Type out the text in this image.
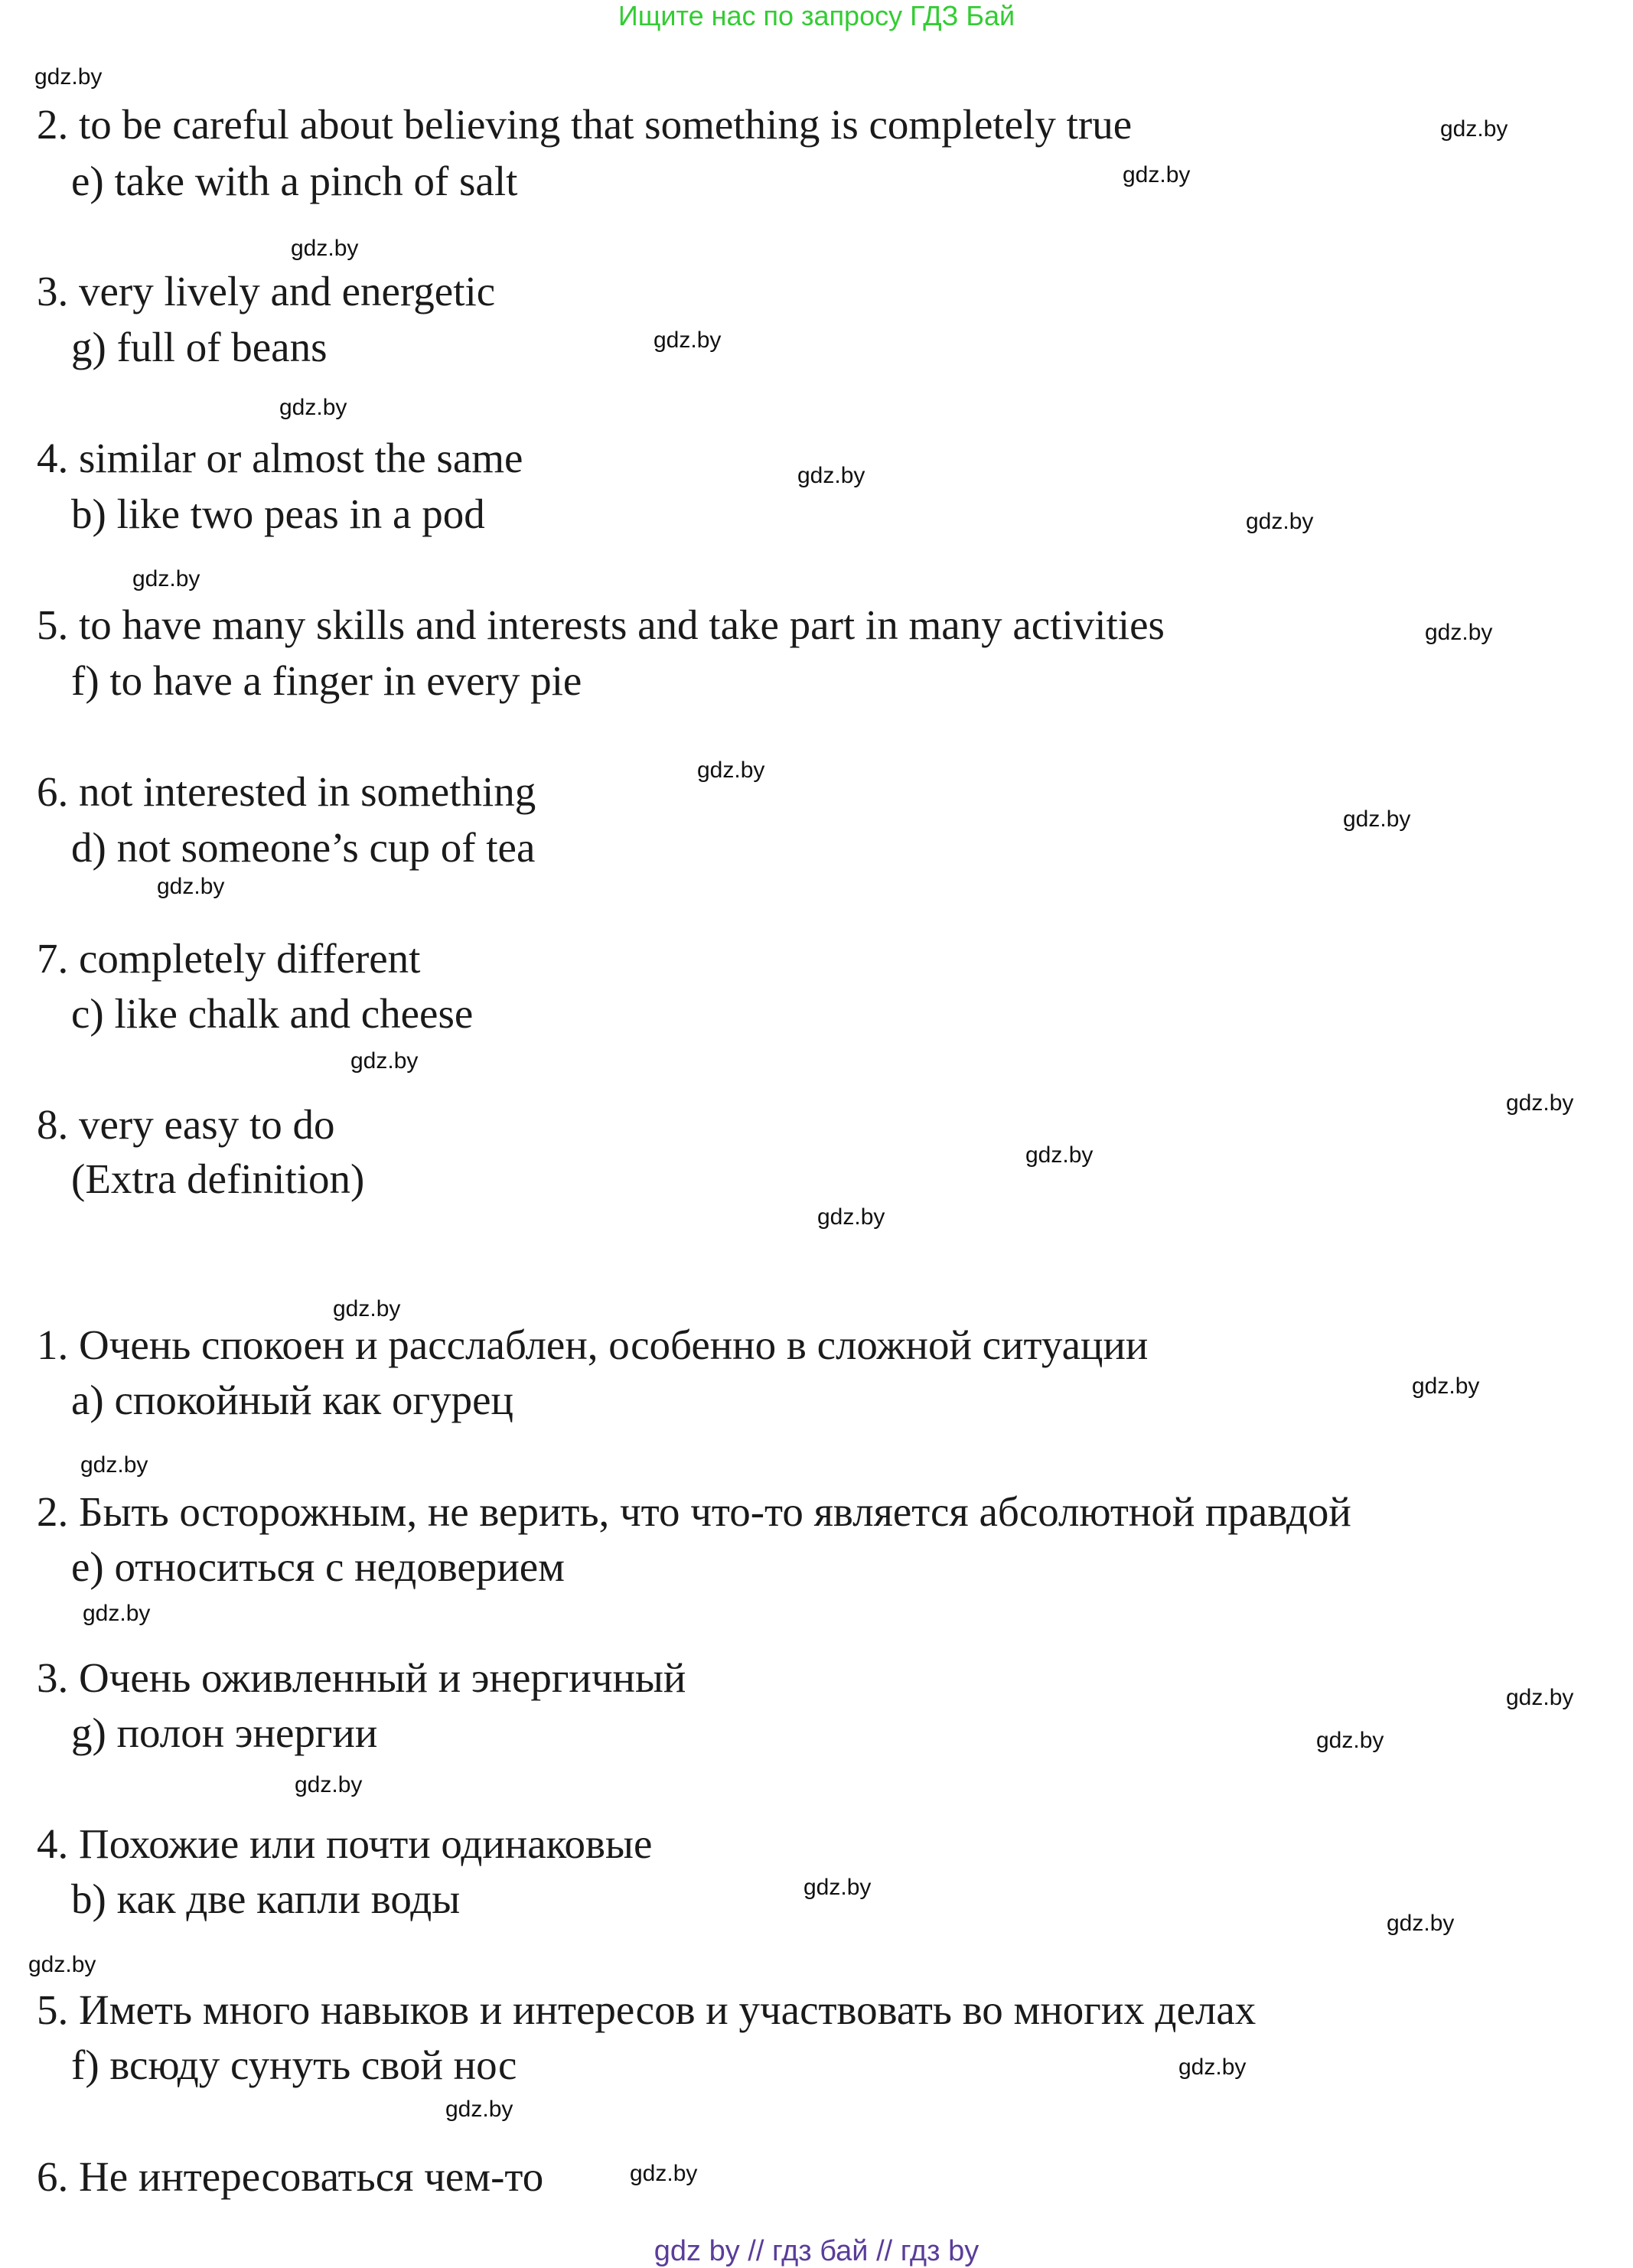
Ищите нас по запросу ГДЗ Бай
2. to be careful about believing that something is completely true
e) take with a pinch of salt
3. very lively and energetic
g) full of beans
4. similar or almost the same
b) like two peas in a pod
5. to have many skills and interests and take part in many activities
f) to have a finger in every pie
6. not interested in something
d) not someone’s cup of tea
7. completely different
c) like chalk and cheese
8. very easy to do
(Extra definition)
1. Очень спокоен и расслаблен, особенно в сложной ситуации
a) спокойный как огурец
2. Быть осторожным, не верить, что что-то является абсолютной правдой
e) относиться с недоверием
3. Очень оживленный и энергичный
g) полон энергии
4. Похожие или почти одинаковые
b) как две капли воды
5. Иметь много навыков и интересов и участвовать во многих делах
f) всюду сунуть свой нос
6. Не интересоваться чем-то
gdz.by
gdz.by
gdz.by
gdz.by
gdz.by
gdz.by
gdz.by
gdz.by
gdz.by
gdz.by
gdz.by
gdz.by
gdz.by
gdz.by
gdz.by
gdz.by
gdz.by
gdz.by
gdz.by
gdz.by
gdz.by
gdz.by
gdz.by
gdz.by
gdz.by
gdz.by
gdz.by
gdz.by
gdz.by
gdz.by
gdz by // гдз бай // гдз by
